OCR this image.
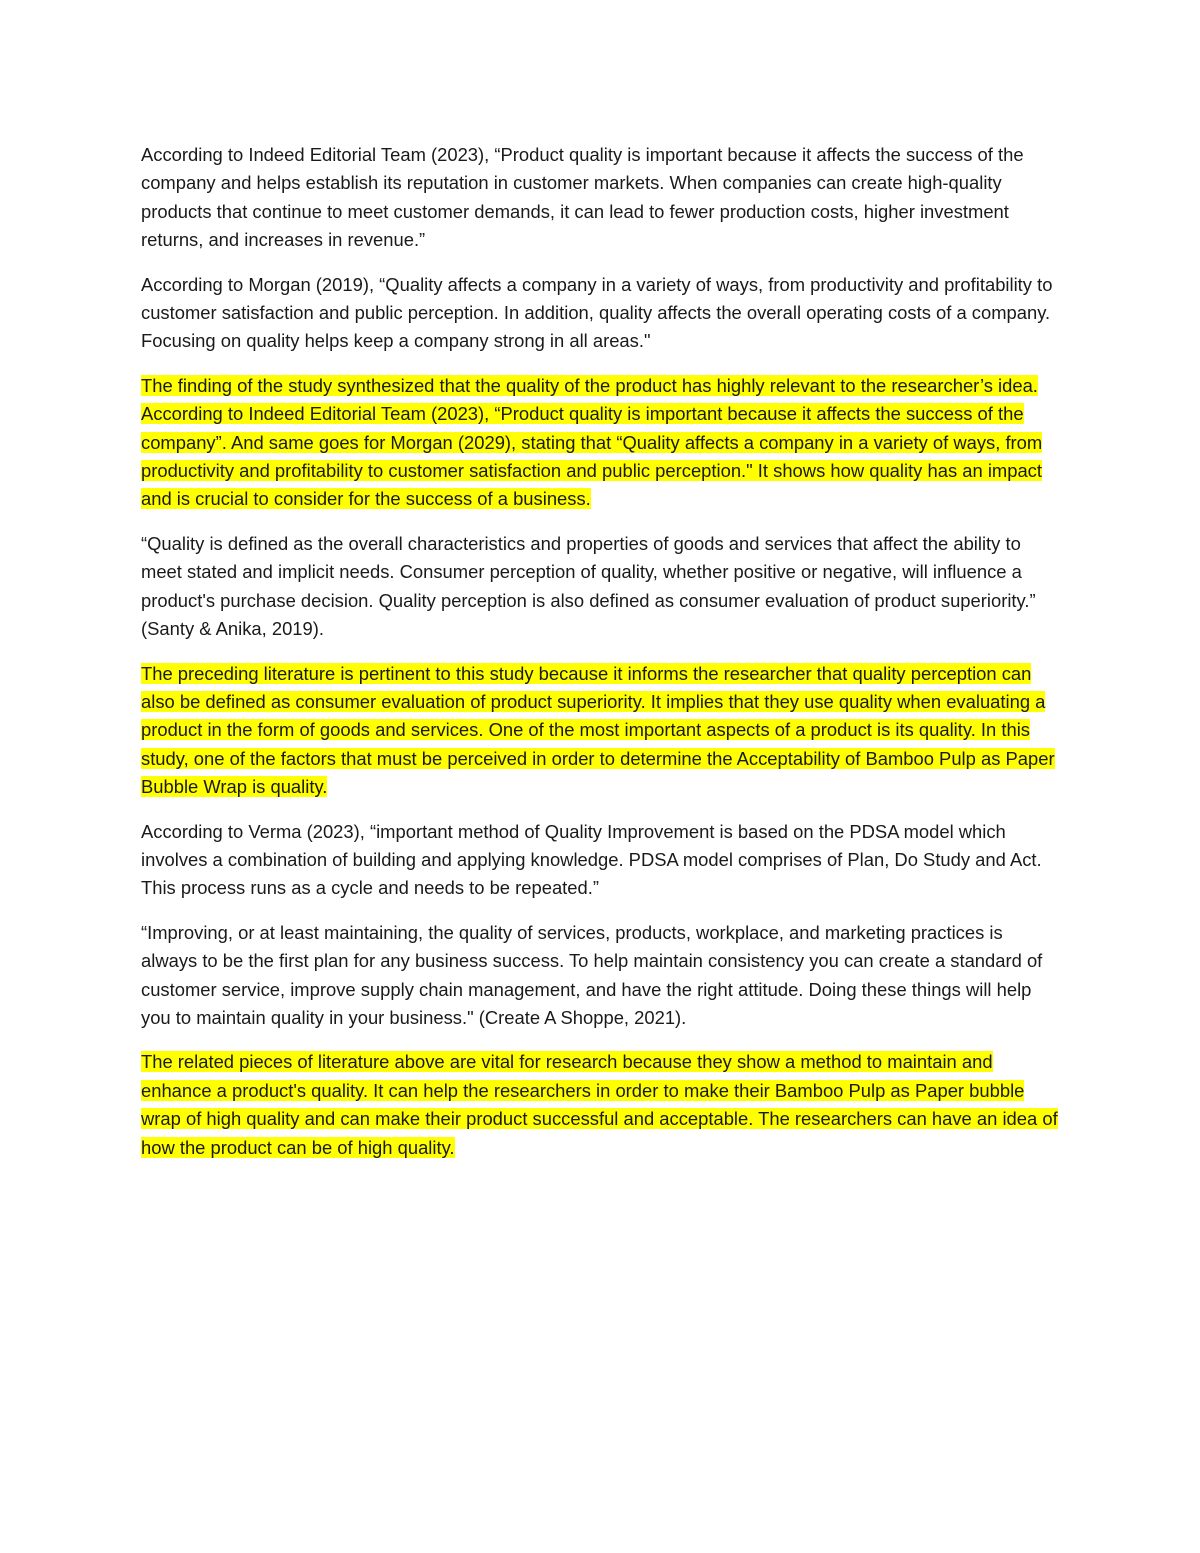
According to Indeed Editorial Team (2023), “Product quality is important because it affects the success of the company and helps establish its reputation in customer markets. When companies can create high-quality products that continue to meet customer demands, it can lead to fewer production costs, higher investment returns, and increases in revenue.”

According to Morgan (2019), “Quality affects a company in a variety of ways, from productivity and profitability to customer satisfaction and public perception. In addition, quality affects the overall operating costs of a company. Focusing on quality helps keep a company strong in all areas."

The finding of the study synthesized that the quality of the product has highly relevant to the researcher’s idea. According to Indeed Editorial Team (2023), “Product quality is important because it affects the success of the company”. And same goes for Morgan (2029), stating that “Quality affects a company in a variety of ways, from productivity and profitability to customer satisfaction and public perception." It shows how quality has an impact and is crucial to consider for the success of a business.

“Quality is defined as the overall characteristics and properties of goods and services that affect the ability to meet stated and implicit needs. Consumer perception of quality, whether positive or negative, will influence a product's purchase decision. Quality perception is also defined as consumer evaluation of product superiority.” (Santy & Anika, 2019).

The preceding literature is pertinent to this study because it informs the researcher that quality perception can also be defined as consumer evaluation of product superiority. It implies that they use quality when evaluating a product in the form of goods and services. One of the most important aspects of a product is its quality. In this study, one of the factors that must be perceived in order to determine the Acceptability of Bamboo Pulp as Paper Bubble Wrap is quality.

According to Verma (2023), “important method of Quality Improvement is based on the PDSA model which involves a combination of building and applying knowledge. PDSA model comprises of Plan, Do Study and Act. This process runs as a cycle and needs to be repeated.”

“Improving, or at least maintaining, the quality of services, products, workplace, and marketing practices is always to be the first plan for any business success. To help maintain consistency you can create a standard of customer service, improve supply chain management, and have the right attitude. Doing these things will help you to maintain quality in your business." (Create A Shoppe, 2021).

The related pieces of literature above are vital for research because they show a method to maintain and enhance a product's quality. It can help the researchers in order to make their Bamboo Pulp as Paper bubble wrap of high quality and can make their product successful and acceptable. The researchers can have an idea of how the product can be of high quality.
